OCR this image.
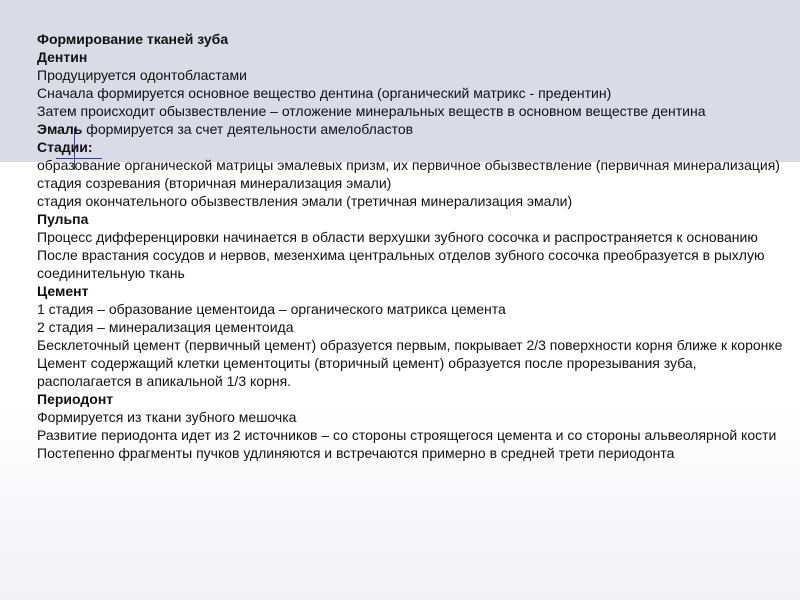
Формирование тканей зуба

Дентин

Продуцируется одонтобластами

Сначала формируется основное вещество дентина (органический матрикс - предентин)

Затем происходит обызвествление – отложение минеральных веществ в основном веществе дентина

Эмаль формируется за счет деятельности амелобластов

Стадии:

образование органической матрицы эмалевых призм, их первичное обызвествление (первичная минерализация)

стадия созревания (вторичная минерализация эмали)

стадия окончательного обызвествления эмали (третичная минерализация эмали)

Пульпа

Процесс дифференцировки начинается в области верхушки зубного сосочка и распространяется к основанию

После врастания сосудов и нервов, мезенхима центральных отделов зубного сосочка преобразуется в рыхлую соединительную ткань

Цемент

1 стадия – образование цементоида – органического матрикса цемента

2 стадия – минерализация цементоида

Бесклеточный цемент (первичный цемент) образуется первым, покрывает 2/3 поверхности корня ближе к коронке

Цемент содержащий клетки цементоциты (вторичный цемент) образуется после прорезывания зуба, располагается в апикальной 1/3 корня.

Периодонт

Формируется из ткани зубного мешочка

Развитие периодонта идет из 2 источников – со стороны строящегося цемента и со стороны альвеолярной кости

Постепенно фрагменты пучков удлиняются и встречаются примерно в средней трети периодонта
